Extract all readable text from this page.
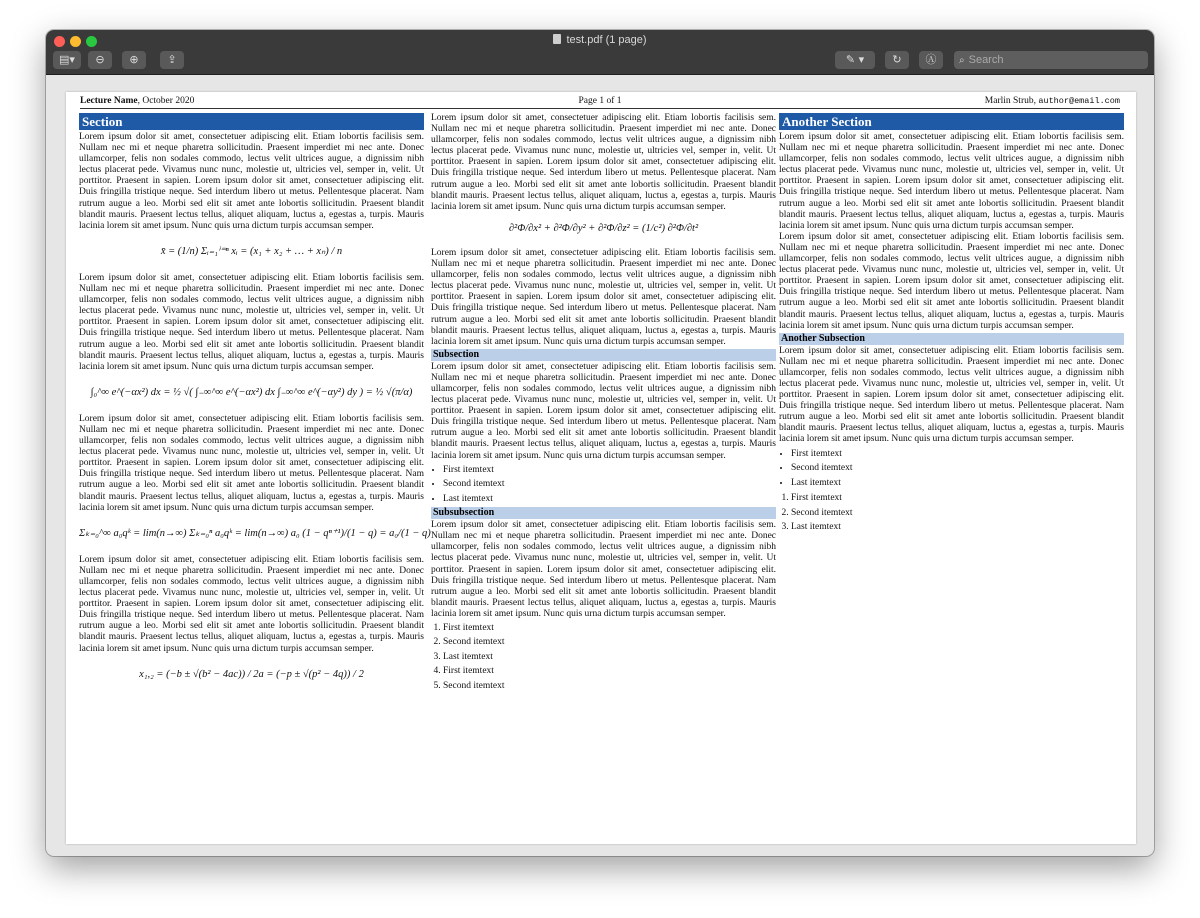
test.pdf (1 page)
▤▾	⊖	⊕	⇪	✎ ▾	↻	Ⓐ	⌕ Search
Lecture Name, October 2020	Page 1 of 1	Marlin Strub, author@email.com
Section

Lorem ipsum dolor sit amet, consectetuer adipiscing elit. Etiam lobortis facilisis sem. Nullam nec mi et neque pharetra sollicitudin. Praesent imperdiet mi nec ante. Donec ullamcorper, felis non sodales commodo, lectus velit ultrices augue, a dignissim nibh lectus placerat pede. Vivamus nunc nunc, molestie ut, ultricies vel, semper in, velit. Ut porttitor. Praesent in sapien. Lorem ipsum dolor sit amet, consectetuer adipiscing elit. Duis fringilla tristique neque. Sed interdum libero ut metus. Pellentesque placerat. Nam rutrum augue a leo. Morbi sed elit sit amet ante lobortis sollicitudin. Praesent blandit blandit mauris. Praesent lectus tellus, aliquet aliquam, luctus a, egestas a, turpis. Mauris lacinia lorem sit amet ipsum. Nunc quis urna dictum turpis accumsan semper.

x̄ = (1/n) Σᵢ₌₁ⁱ⁼ⁿ xᵢ = (x₁ + x₂ + … + xₙ) / n

Lorem ipsum dolor sit amet, consectetuer adipiscing elit. Etiam lobortis facilisis sem. Nullam nec mi et neque pharetra sollicitudin. Praesent imperdiet mi nec ante. Donec ullamcorper, felis non sodales commodo, lectus velit ultrices augue, a dignissim nibh lectus placerat pede. Vivamus nunc nunc, molestie ut, ultricies vel, semper in, velit. Ut porttitor. Praesent in sapien. Lorem ipsum dolor sit amet, consectetuer adipiscing elit. Duis fringilla tristique neque. Sed interdum libero ut metus. Pellentesque placerat. Nam rutrum augue a leo. Morbi sed elit sit amet ante lobortis sollicitudin. Praesent blandit blandit mauris. Praesent lectus tellus, aliquet aliquam, luctus a, egestas a, turpis. Mauris lacinia lorem sit amet ipsum. Nunc quis urna dictum turpis accumsan semper.

∫₀^∞ e^(−αx²) dx = ½ √( ∫₋∞^∞ e^(−αx²) dx ∫₋∞^∞ e^(−αy²) dy ) = ½ √(π/α)

Lorem ipsum dolor sit amet, consectetuer adipiscing elit. Etiam lobortis facilisis sem. Nullam nec mi et neque pharetra sollicitudin. Praesent imperdiet mi nec ante. Donec ullamcorper, felis non sodales commodo, lectus velit ultrices augue, a dignissim nibh lectus placerat pede. Vivamus nunc nunc, molestie ut, ultricies vel, semper in, velit. Ut porttitor. Praesent in sapien. Lorem ipsum dolor sit amet, consectetuer adipiscing elit. Duis fringilla tristique neque. Sed interdum libero ut metus. Pellentesque placerat. Nam rutrum augue a leo. Morbi sed elit sit amet ante lobortis sollicitudin. Praesent blandit blandit mauris. Praesent lectus tellus, aliquet aliquam, luctus a, egestas a, turpis. Mauris lacinia lorem sit amet ipsum. Nunc quis urna dictum turpis accumsan semper.

Σₖ₌₀^∞ a₀qᵏ = lim(n→∞) Σₖ₌₀ⁿ a₀qᵏ = lim(n→∞) a₀ (1 − qⁿ⁺¹)/(1 − q) = a₀/(1 − q)

Lorem ipsum dolor sit amet, consectetuer adipiscing elit. Etiam lobortis facilisis sem. Nullam nec mi et neque pharetra sollicitudin. Praesent imperdiet mi nec ante. Donec ullamcorper, felis non sodales commodo, lectus velit ultrices augue, a dignissim nibh lectus placerat pede. Vivamus nunc nunc, molestie ut, ultricies vel, semper in, velit. Ut porttitor. Praesent in sapien. Lorem ipsum dolor sit amet, consectetuer adipiscing elit. Duis fringilla tristique neque. Sed interdum libero ut metus. Pellentesque placerat. Nam rutrum augue a leo. Morbi sed elit sit amet ante lobortis sollicitudin. Praesent blandit blandit mauris. Praesent lectus tellus, aliquet aliquam, luctus a, egestas a, turpis. Mauris lacinia lorem sit amet ipsum. Nunc quis urna dictum turpis accumsan semper.

x₁,₂ = (−b ± √(b² − 4ac)) / 2a = (−p ± √(p² − 4q)) / 2

Lorem ipsum dolor sit amet, consectetuer adipiscing elit. Etiam lobortis facilisis sem. Nullam nec mi et neque pharetra sollicitudin. Praesent imperdiet mi nec ante. Donec ullamcorper, felis non sodales commodo, lectus velit ultrices augue, a dignissim nibh lectus placerat pede. Vivamus nunc nunc, molestie ut, ultricies vel, semper in, velit. Ut porttitor. Praesent in sapien. Lorem ipsum dolor sit amet, consectetuer adipiscing elit. Duis fringilla tristique neque. Sed interdum libero ut metus. Pellentesque placerat. Nam rutrum augue a leo. Morbi sed elit sit amet ante lobortis sollicitudin. Praesent blandit blandit mauris. Praesent lectus tellus, aliquet aliquam, luctus a, egestas a, turpis. Mauris lacinia lorem sit amet ipsum. Nunc quis urna dictum turpis accumsan semper.

∂²Φ/∂x² + ∂²Φ/∂y² + ∂²Φ/∂z² = (1/c²) ∂²Φ/∂t²

Lorem ipsum dolor sit amet, consectetuer adipiscing elit. Etiam lobortis facilisis sem. Nullam nec mi et neque pharetra sollicitudin. Praesent imperdiet mi nec ante. Donec ullamcorper, felis non sodales commodo, lectus velit ultrices augue, a dignissim nibh lectus placerat pede. Vivamus nunc nunc, molestie ut, ultricies vel, semper in, velit. Ut porttitor. Praesent in sapien. Lorem ipsum dolor sit amet, consectetuer adipiscing elit. Duis fringilla tristique neque. Sed interdum libero ut metus. Pellentesque placerat. Nam rutrum augue a leo. Morbi sed elit sit amet ante lobortis sollicitudin. Praesent blandit blandit mauris. Praesent lectus tellus, aliquet aliquam, luctus a, egestas a, turpis. Mauris lacinia lorem sit amet ipsum. Nunc quis urna dictum turpis accumsan semper.

Subsection

Lorem ipsum dolor sit amet, consectetuer adipiscing elit. Etiam lobortis facilisis sem. Nullam nec mi et neque pharetra sollicitudin. Praesent imperdiet mi nec ante. Donec ullamcorper, felis non sodales commodo, lectus velit ultrices augue, a dignissim nibh lectus placerat pede. Vivamus nunc nunc, molestie ut, ultricies vel, semper in, velit. Ut porttitor. Praesent in sapien. Lorem ipsum dolor sit amet, consectetuer adipiscing elit. Duis fringilla tristique neque. Sed interdum libero ut metus. Pellentesque placerat. Nam rutrum augue a leo. Morbi sed elit sit amet ante lobortis sollicitudin. Praesent blandit blandit mauris. Praesent lectus tellus, aliquet aliquam, luctus a, egestas a, turpis. Mauris lacinia lorem sit amet ipsum. Nunc quis urna dictum turpis accumsan semper.

• First itemtext
• Second itemtext
• Last itemtext
Subsubsection

Lorem ipsum dolor sit amet, consectetuer adipiscing elit. Etiam lobortis facilisis sem. Nullam nec mi et neque pharetra sollicitudin. Praesent imperdiet mi nec ante. Donec ullamcorper, felis non sodales commodo, lectus velit ultrices augue, a dignissim nibh lectus placerat pede. Vivamus nunc nunc, molestie ut, ultricies vel, semper in, velit. Ut porttitor. Praesent in sapien. Lorem ipsum dolor sit amet, consectetuer adipiscing elit. Duis fringilla tristique neque. Sed interdum libero ut metus. Pellentesque placerat. Nam rutrum augue a leo. Morbi sed elit sit amet ante lobortis sollicitudin. Praesent blandit blandit mauris. Praesent lectus tellus, aliquet aliquam, luctus a, egestas a, turpis. Mauris lacinia lorem sit amet ipsum. Nunc quis urna dictum turpis accumsan semper.

1. First itemtext
2. Second itemtext
3. Last itemtext
4. First itemtext
5. Second itemtext
Another Section

Lorem ipsum dolor sit amet, consectetuer adipiscing elit. Etiam lobortis facilisis sem. Nullam nec mi et neque pharetra sollicitudin. Praesent imperdiet mi nec ante. Donec ullamcorper, felis non sodales commodo, lectus velit ultrices augue, a dignissim nibh lectus placerat pede. Vivamus nunc nunc, molestie ut, ultricies vel, semper in, velit. Ut porttitor. Praesent in sapien. Lorem ipsum dolor sit amet, consectetuer adipiscing elit. Duis fringilla tristique neque. Sed interdum libero ut metus. Pellentesque placerat. Nam rutrum augue a leo. Morbi sed elit sit amet ante lobortis sollicitudin. Praesent blandit blandit mauris. Praesent lectus tellus, aliquet aliquam, luctus a, egestas a, turpis. Mauris lacinia lorem sit amet ipsum. Nunc quis urna dictum turpis accumsan semper.

Lorem ipsum dolor sit amet, consectetuer adipiscing elit. Etiam lobortis facilisis sem. Nullam nec mi et neque pharetra sollicitudin. Praesent imperdiet mi nec ante. Donec ullamcorper, felis non sodales commodo, lectus velit ultrices augue, a dignissim nibh lectus placerat pede. Vivamus nunc nunc, molestie ut, ultricies vel, semper in, velit. Ut porttitor. Praesent in sapien. Lorem ipsum dolor sit amet, consectetuer adipiscing elit. Duis fringilla tristique neque. Sed interdum libero ut metus. Pellentesque placerat. Nam rutrum augue a leo. Morbi sed elit sit amet ante lobortis sollicitudin. Praesent blandit blandit mauris. Praesent lectus tellus, aliquet aliquam, luctus a, egestas a, turpis. Mauris lacinia lorem sit amet ipsum. Nunc quis urna dictum turpis accumsan semper.

Another Subsection

Lorem ipsum dolor sit amet, consectetuer adipiscing elit. Etiam lobortis facilisis sem. Nullam nec mi et neque pharetra sollicitudin. Praesent imperdiet mi nec ante. Donec ullamcorper, felis non sodales commodo, lectus velit ultrices augue, a dignissim nibh lectus placerat pede. Vivamus nunc nunc, molestie ut, ultricies vel, semper in, velit. Ut porttitor. Praesent in sapien. Lorem ipsum dolor sit amet, consectetuer adipiscing elit. Duis fringilla tristique neque. Sed interdum libero ut metus. Pellentesque placerat. Nam rutrum augue a leo. Morbi sed elit sit amet ante lobortis sollicitudin. Praesent blandit blandit mauris. Praesent lectus tellus, aliquet aliquam, luctus a, egestas a, turpis. Mauris lacinia lorem sit amet ipsum. Nunc quis urna dictum turpis accumsan semper.

• First itemtext
• Second itemtext
• Last itemtext
1. First itemtext
2. Second itemtext
3. Last itemtext
